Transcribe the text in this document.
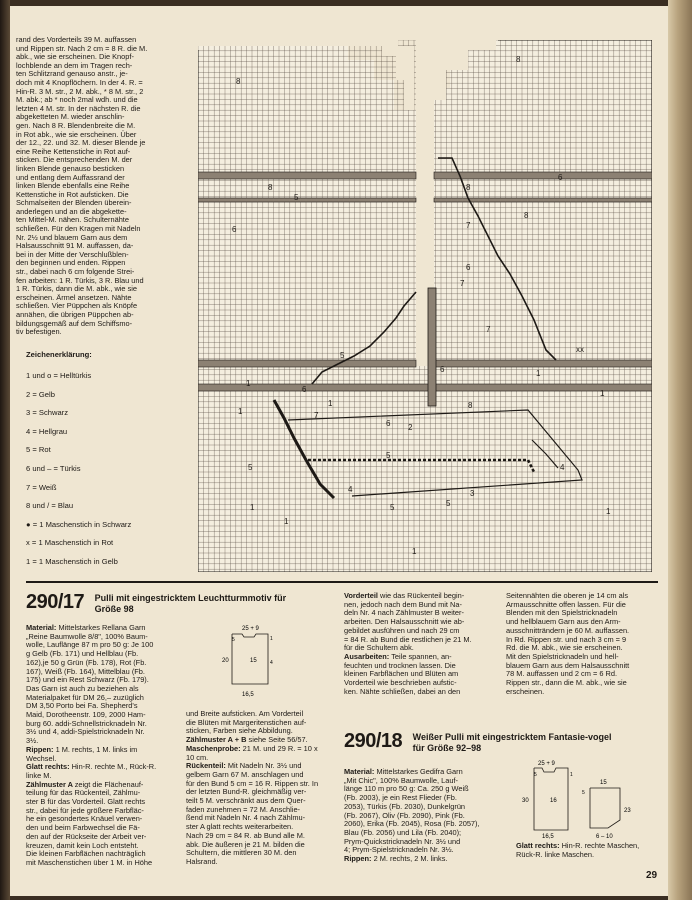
rand des Vorderteils 39 M. auffassen
und Rippen str. Nach 2 cm = 8 R. die M.
abk., wie sie erscheinen. Die Knopf-
lochblende an dem im Tragen rech-
ten Schlitzrand genauso anstr., je-
doch mit 4 Knopflöchern. In der 4. R. =
Hin-R. 3 M. str., 2 M. abk., * 8 M. str., 2
M. abk.; ab * noch 2mal wdh. und die
letzten 4 M. str. In der nächsten R. die
abgeketteten M. wieder anschlin-
gen. Nach 8 R. Blendenbreite die M.
in Rot abk., wie sie erscheinen. Über
der 12., 22. und 32. M. dieser Blende je
eine Reihe Kettenstiche in Rot auf-
sticken. Die entsprechenden M. der
linken Blende genauso besticken
und entlang dem Auffassrand der
linken Blende ebenfalls eine Reihe
Kettenstiche in Rot aufsticken. Die
Schmalseiten der Blenden überein-
anderlegen und an die abgekette-
ten Mittel-M. nähen. Schulternähte
schließen. Für den Kragen mit Nadeln
Nr. 2½ und blauem Garn aus dem
Halsausschnitt 91 M. auffassen, da-
bei in der Mitte der Verschlußblen-
den beginnen und enden. Rippen
str., dabei nach 6 cm folgende Strei-
fen arbeiten: 1 R. Türkis, 3 R. Blau und
1 R. Türkis, dann die M. abk., wie sie
erscheinen. Ärmel ansetzen. Nähte
schließen. Vier Püppchen als Knöpfe
annähen, die übrigen Püppchen ab-
bildungsgemäß auf dem Schiffsmo-
tiv befestigen.
Zeichenerklärung:
1 und o = Helltürkis
2 = Gelb
3 = Schwarz
4 = Hellgrau
5 = Rot
6 und – = Türkis
7 = Weiß
8 und / = Blau
● = 1 Maschenstich in Schwarz
x = 1 Maschenstich in Rot
1 = 1 Maschenstich in Gelb
8
8
6
8
5
8
6
6
5
7
7
6
8
6
5
1
1
1
1
2
4
4
5
3
5
7
6
5
1
1
1
1
1
xx
7
8
290/17 Pulli mit eingestricktem Leuchtturmmotiv für Größe 98
25 + 9
20
5
15
1
4
16,5
Material: Mittelstarkes Rellana Garn
„Reine Baumwolle 8/8", 100% Baum-
wolle, Lauflänge 87 m pro 50 g: Je 100
g Gelb (Fb. 171) und Hellblau (Fb.
162),je 50 g Grün (Fb. 178), Rot (Fb.
167), Weiß (Fb. 164), Mittelblau (Fb.
175) und ein Rest Schwarz (Fb. 179).
Das Garn ist auch zu beziehen als
Materialpaket für DM 26,– zuzüglich
DM 3,50 Porto bei Fa. Shepherd's
Maid, Dorotheenstr. 109, 2000 Ham-
burg 60. addi-Schnellstricknadeln Nr.
3½ und 4, addi-Spielstricknadeln Nr.
3½.
Rippen: 1 M. rechts, 1 M. links im
Wechsel.
Glatt rechts: Hin-R. rechte M., Rück-R.
linke M.
Zählmuster A zeigt die Flächenauf-
teilung für das Rückenteil, Zählmu-
ster B für das Vorderteil. Glatt rechts
str., dabei für jede größere Farbfläc-
he ein gesondertes Knäuel verwen-
den und beim Farbwechsel die Fä-
den auf der Rückseite der Arbeit ver-
kreuzen, damit kein Loch entsteht.
Die kleinen Farbflächen nachträglich
mit Maschenstichen über 1 M. in Höhe
und Breite aufsticken. Am Vorderteil
die Blüten mit Margeritenstichen auf-
sticken, Farben siehe Abbildung.
Zählmuster A + B siehe Seite 56/57.
Maschenprobe: 21 M. und 29 R. = 10 x
10 cm.
Rückenteil: Mit Nadeln Nr. 3½ und
gelbem Garn 67 M. anschlagen und
für den Bund 5 cm = 16 R. Rippen str. In
der letzten Bund-R. gleichmäßig ver-
teilt 5 M. verschränkt aus dem Quer-
faden zunehmen = 72 M. Anschlie-
ßend mit Nadeln Nr. 4 nach Zählmu-
ster A glatt rechts weiterarbeiten.
Nach 29 cm = 84 R. ab Bund alle M.
abk. Die äußeren je 21 M. bilden die
Schultern, die mittleren 30 M. den
Halsrand.
Vorderteil wie das Rückenteil begin-
nen, jedoch nach dem Bund mit Na-
deln Nr. 4 nach Zählmuster B weiter-
arbeiten. Den Halsausschnitt wie ab-
gebildet ausführen und nach 29 cm
= 84 R. ab Bund die restlichen je 21 M.
für die Schultern abk.
Ausarbeiten: Teile spannen, an-
feuchten und trocknen lassen. Die
kleinen Farbflächen und Blüten am
Vorderteil wie beschrieben aufstic-
ken. Nähte schließen, dabei an den
Seitennähten die oberen je 14 cm als
Armausschnitte offen lassen. Für die
Blenden mit den Spielstricknadeln
und hellblauem Garn aus den Arm-
ausschnitträndern je 60 M. auffassen.
In Rd. Rippen str. und nach 3 cm = 9
Rd. die M. abk., wie sie erscheinen.
Mit den Spielstricknadeln und hell-
blauem Garn aus dem Halsausschnitt
78 M. auffassen und 2 cm = 6 Rd.
Rippen str., dann die M. abk., wie sie
erscheinen.
290/18 Weißer Pulli mit eingestricktem Fantasie-vogel für Größe 92–98
Material: Mittelstarkes Gedifra Garn
„Mit Chic", 100% Baumwolle, Lauf-
länge 110 m pro 50 g: Ca. 250 g Weiß
(Fb. 2003), je ein Rest Flieder (Fb.
2053), Türkis (Fb. 2030), Dunkelgrün
(Fb. 2067), Oliv (Fb. 2090), Pink (Fb.
2060), Erika (Fb. 2045), Rosa (Fb. 2057),
Blau (Fb. 2056) und Lila (Fb. 2040);
Prym-Quickstricknadeln Nr. 3½ und
4; Prym-Spielstricknadeln Nr. 3½.
Rippen: 2 M. rechts, 2 M. links.
25 + 9
30
5
16
1
16,5
15
5
23
6 – 10
Glatt rechts: Hin-R. rechte Maschen,
Rück-R. linke Maschen.
29
